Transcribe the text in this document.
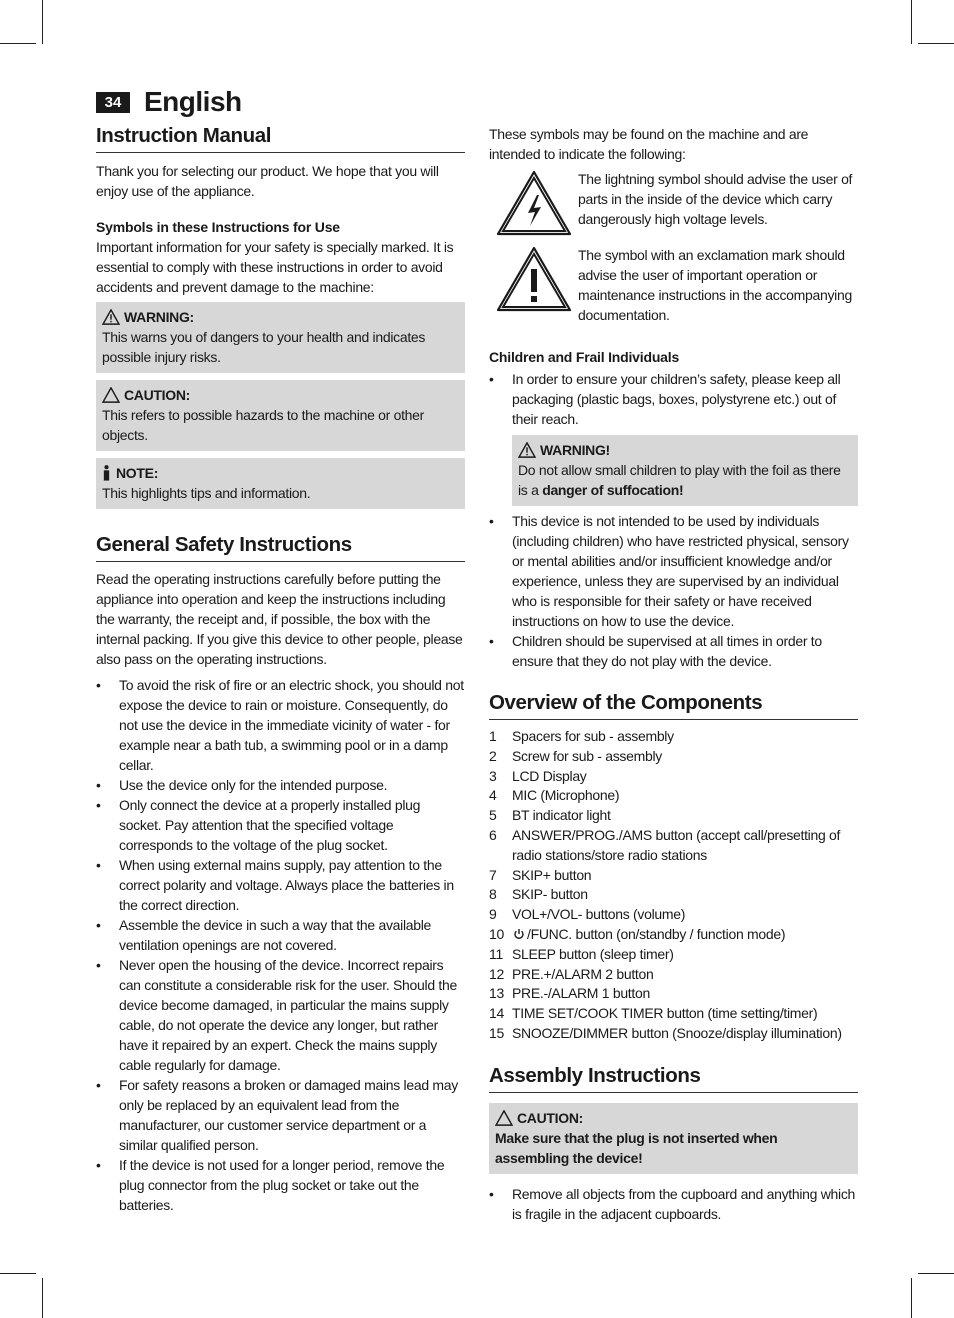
34 English
Instruction Manual

Thank you for selecting our product. We hope that you will enjoy use of the appliance.

Symbols in these Instructions for Use

Important information for your safety is specially marked. It is essential to comply with these instructions in order to avoid accidents and prevent damage to the machine:

WARNING:

This warns you of dangers to your health and indicates possible injury risks.

CAUTION:

This refers to possible hazards to the machine or other objects.

NOTE:

This highlights tips and information.

General Safety Instructions

Read the operating instructions carefully before putting the appliance into operation and keep the instructions including the warranty, the receipt and, if possible, the box with the internal packing. If you give this device to other people, please also pass on the operating instructions.

• To avoid the risk of fire or an electric shock, you should not expose the device to rain or moisture. Consequently, do not use the device in the immediate vicinity of water - for example near a bath tub, a swimming pool or in a damp cellar.
• Use the device only for the intended purpose.
• Only connect the device at a properly installed plug socket. Pay attention that the specified voltage corresponds to the voltage of the plug socket.
• When using external mains supply, pay attention to the correct polarity and voltage. Always place the batteries in the correct direction.
• Assemble the device in such a way that the available ventilation openings are not covered.
• Never open the housing of the device. Incorrect repairs can constitute a considerable risk for the user. Should the device become damaged, in particular the mains supply cable, do not operate the device any longer, but rather have it repaired by an expert. Check the mains supply cable regularly for damage.
• For safety reasons a broken or damaged mains lead may only be replaced by an equivalent lead from the manufacturer, our customer service department or a similar qualified person.
• If the device is not used for a longer period, remove the plug connector from the plug socket or take out the batteries.

These symbols may be found on the machine and are intended to indicate the following:

The lightning symbol should advise the user of parts in the inside of the device which carry dangerously high voltage levels.

The symbol with an exclamation mark should advise the user of important operation or maintenance instructions in the accompanying documentation.

Children and Frail Individuals
• In order to ensure your children’s safety, please keep all packaging (plastic bags, boxes, polystyrene etc.) out of their reach.
WARNING!

Do not allow small children to play with the foil as there is a danger of suffocation!

• This device is not intended to be used by individuals (including children) who have restricted physical, sensory or mental abilities and/or insufficient knowledge and/or experience, unless they are supervised by an individual who is responsible for their safety or have received instructions on how to use the device.
• Children should be supervised at all times in order to ensure that they do not play with the device.
Overview of the Components
1	Spacers for sub - assembly
2	Screw for sub - assembly
3	LCD Display
4	MIC (Microphone)
5	BT indicator light
6	ANSWER/PROG./AMS button (accept call/presetting of radio stations/store radio stations
7	SKIP+ button
8	SKIP- button
9	VOL+/VOL- buttons (volume)
10	/FUNC. button (on/standby / function mode)
11 SLEEP button (sleep timer)
12 PRE.+/ALARM 2 button
13 PRE.-/ALARM 1 button
14 TIME SET/COOK TIMER button (time setting/timer)
15 SNOOZE/DIMMER button (Snooze/display illumination)
Assembly Instructions
CAUTION:

Make sure that the plug is not inserted when assembling the device!

• Remove all objects from the cupboard and anything which is fragile in the adjacent cupboards.
